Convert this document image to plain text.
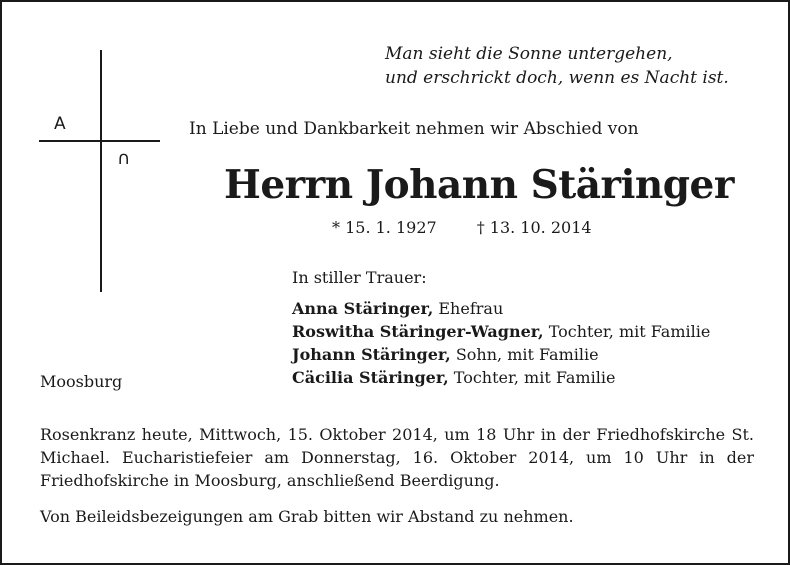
A
∩
Man sieht die Sonne untergehen,
und erschrickt doch, wenn es Nacht ist.
In Liebe und Dankbarkeit nehmen wir Abschied von
Herrn Johann Stäringer
* 15. 1. 1927	† 13. 10. 2014
In stiller Trauer:
Anna Stäringer, Ehefrau
Roswitha Stäringer-Wagner, Tochter, mit Familie
Johann Stäringer, Sohn, mit Familie
Cäcilia Stäringer, Tochter, mit Familie
Moosburg
Rosenkranz heute, Mittwoch, 15. Oktober 2014, um 18 Uhr in der Friedhofskirche St. Michael. Eucharistiefeier am Donnerstag, 16. Oktober 2014, um 10 Uhr in der Friedhofskirche in Moosburg, anschließend Beerdigung.
Von Beileidsbezeigungen am Grab bitten wir Abstand zu nehmen.
